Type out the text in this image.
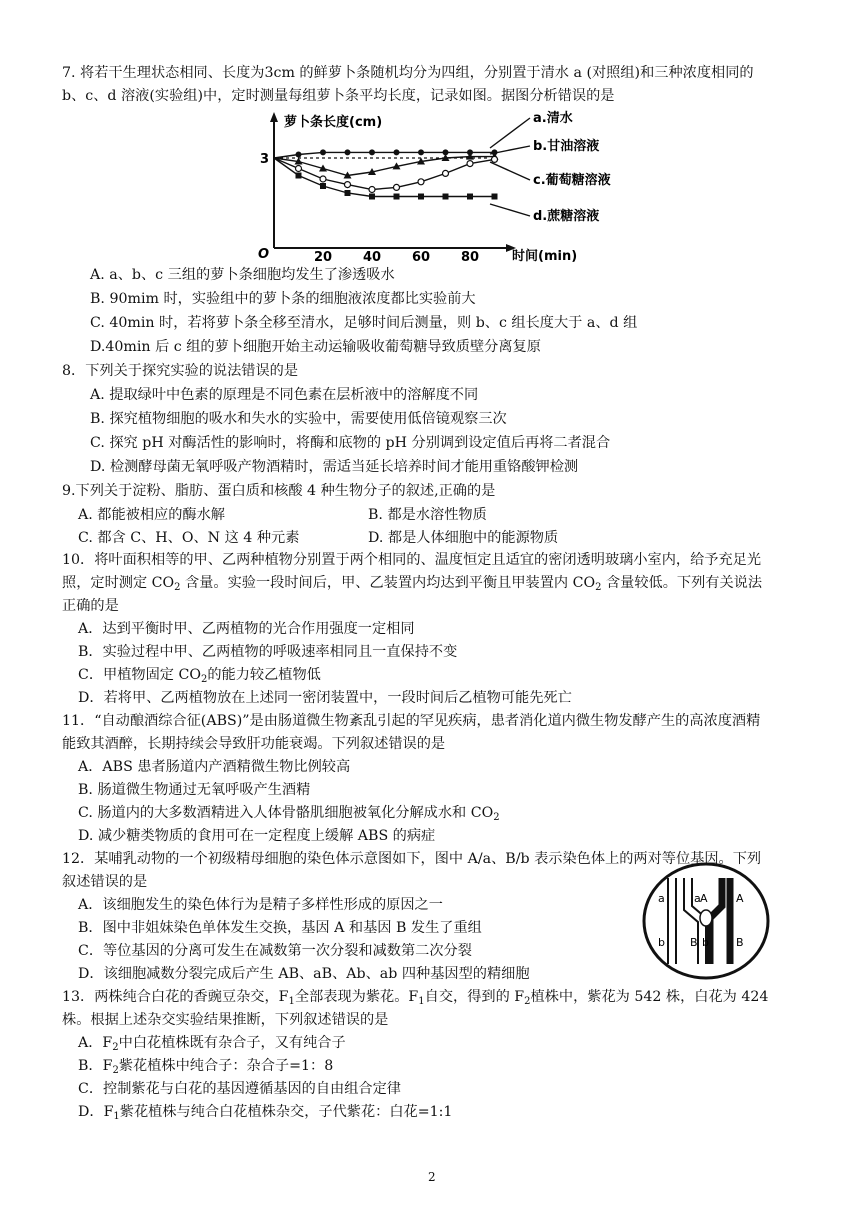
7. 将若干生理状态相同、长度为3cm 的鲜萝卜条随机均分为四组，分别置于清水 a (对照组)和三种浓度相同的
b、c、d 溶液(实验组)中，定时测量每组萝卜条平均长度，记录如图。据图分析错误的是
萝卜条长度(cm)
时间(min)
O
3
20 40 60 80
a.清水
b.甘油溶液
c.葡萄糖溶液
d.蔗糖溶液
A. a、b、c 三组的萝卜条细胞均发生了渗透吸水
B. 90mim 时，实验组中的萝卜条的细胞液浓度都比实验前大
C. 40min 时，若将萝卜条全移至清水，足够时间后测量，则 b、c 组长度大于 a、d 组
D.40min 后 c 组的萝卜细胞开始主动运输吸收葡萄糖导致质壁分离复原
8．下列关于探究实验的说法错误的是
A. 提取绿叶中色素的原理是不同色素在层析液中的溶解度不同
B. 探究植物细胞的吸水和失水的实验中，需要使用低倍镜观察三次
C. 探究 pH 对酶活性的影响时，将酶和底物的 pH 分别调到设定值后再将二者混合
D. 检测酵母菌无氧呼吸产物酒精时，需适当延长培养时间才能用重铬酸钾检测
9.下列关于淀粉、脂肪、蛋白质和核酸 4 种生物分子的叙述,正确的是
A. 都能被相应的酶水解	B. 都是水溶性物质
C. 都含 C、H、O、N 这 4 种元素	D. 都是人体细胞中的能源物质
10．将叶面积相等的甲、乙两种植物分别置于两个相同的、温度恒定且适宜的密闭透明玻璃小室内，给予充足光
照，定时测定 $CO_2$ 含量。实验一段时间后，甲、乙装置内均达到平衡且甲装置内 $CO_2$ 含量较低。下列有关说法
正确的是
A．达到平衡时甲、乙两植物的光合作用强度一定相同
B．实验过程中甲、乙两植物的呼吸速率相同且一直保持不变
C．甲植物固定 $CO_2$的能力较乙植物低
D．若将甲、乙两植物放在上述同一密闭装置中，一段时间后乙植物可能先死亡
11．“自动酿酒综合征(ABS)”是由肠道微生物紊乱引起的罕见疾病，患者消化道内微生物发酵产生的高浓度酒精
能致其酒醉，长期持续会导致肝功能衰竭。下列叙述错误的是
A．ABS 患者肠道内产酒精微生物比例较高
B. 肠道微生物通过无氧呼吸产生酒精
C. 肠道内的大多数酒精进入人体骨骼肌细胞被氧化分解成水和 $CO_2$
D. 减少糖类物质的食用可在一定程度上缓解 ABS 的病症
12．某哺乳动物的一个初级精母细胞的染色体示意图如下，图中 A/a、B/b 表示染色体上的两对等位基因。下列
叙述错误的是
A．该细胞发生的染色体行为是精子多样性形成的原因之一
B．图中非姐妹染色单体发生交换，基因 A 和基因 B 发生了重组
C．等位基因的分离可发生在减数第一次分裂和减数第二次分裂
D．该细胞减数分裂完成后产生 AB、aB、Ab、ab 四种基因型的精细胞
a	a A	A
b	b
B	B
13．两株纯合白花的香豌豆杂交，$F_1$全部表现为紫花。$F_1$自交，得到的 $F_2$植株中，紫花为 542 株，白花为 424
株。根据上述杂交实验结果推断，下列叙述错误的是
A．$F_2$中白花植株既有杂合子，又有纯合子
B．$F_2$紫花植株中纯合子：杂合子=1：8
C．控制紫花与白花的基因遵循基因的自由组合定律
D．$F_1$紫花植株与纯合白花植株杂交，子代紫花：白花=1:1
2
